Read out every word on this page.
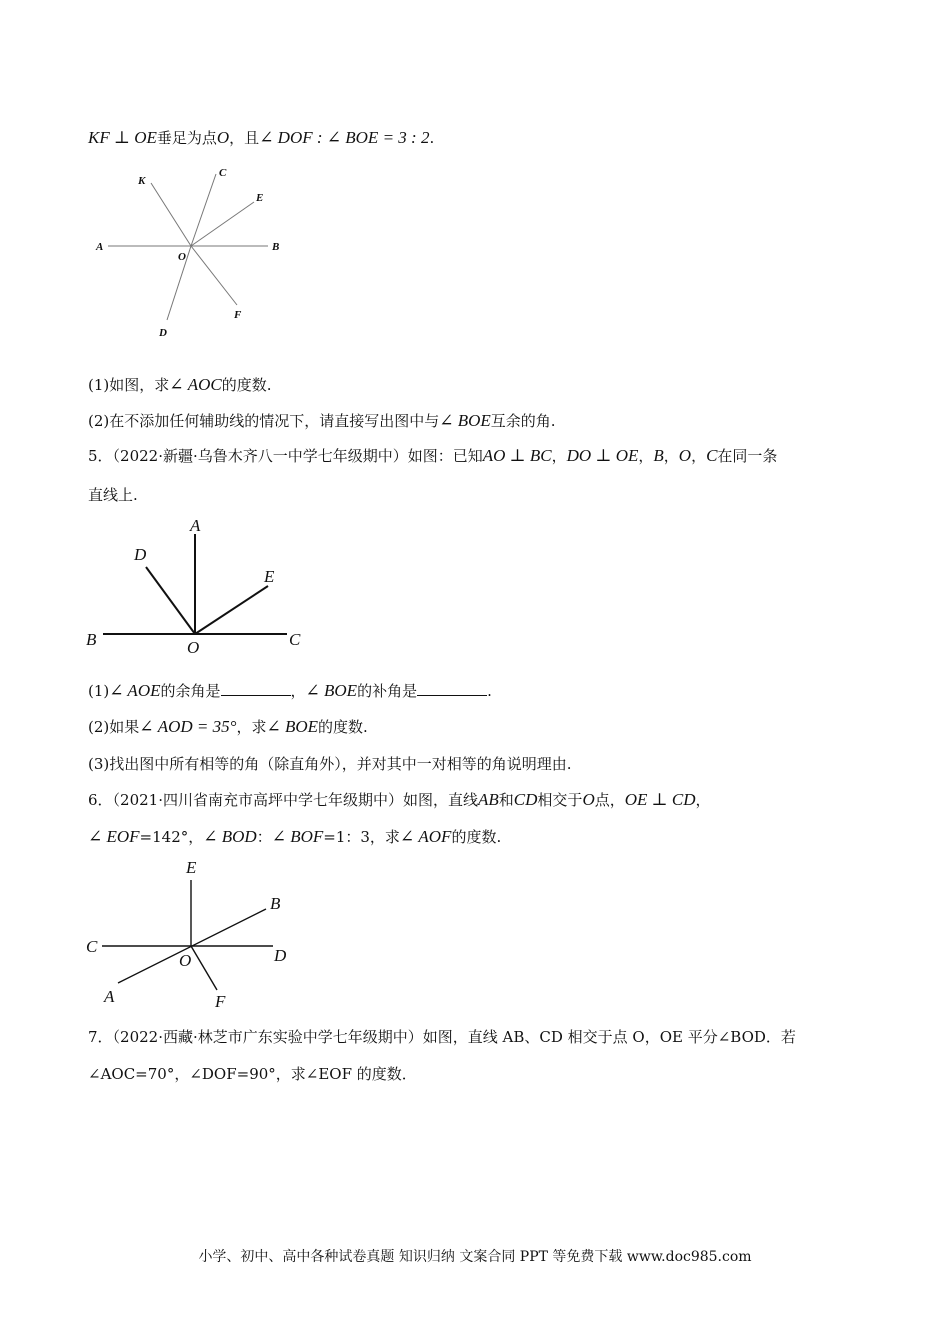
KF ⊥ OE垂足为点O，且∠ DOF : ∠ BOE = 3 : 2.
K
C
E
A
O
B
D
F
(1)如图，求∠ AOC的度数.
(2)在不添加任何辅助线的情况下，请直接写出图中与∠ BOE互余的角.
5．（2022·新疆·乌鲁木齐八一中学七年级期中）如图：已知AO ⊥ BC，DO ⊥ OE，B，O，C在同一条
直线上.
A
D
E
B	O	C
(1)∠ AOE的余角是	，∠ BOE的补角是	.
(2)如果∠ AOD = 35°，求∠ BOE的度数.
(3)找出图中所有相等的角（除直角外），并对其中一对相等的角说明理由.
6．（2021·四川省南充市高坪中学七年级期中）如图，直线AB和CD相交于O点，OE ⊥ CD，
∠ EOF=142°，∠ BOD：∠ BOF=1：3，求∠ AOF的度数.
E
B
C
O	D
A	F
7．（2022·西藏·林芝市广东实验中学七年级期中）如图，直线 AB、CD 相交于点 O，OE 平分∠BOD．若
∠AOC=70°，∠DOF=90°，求∠EOF 的度数．
小学、初中、高中各种试卷真题 知识归纳 文案合同 PPT 等免费下载 www.doc985.com
